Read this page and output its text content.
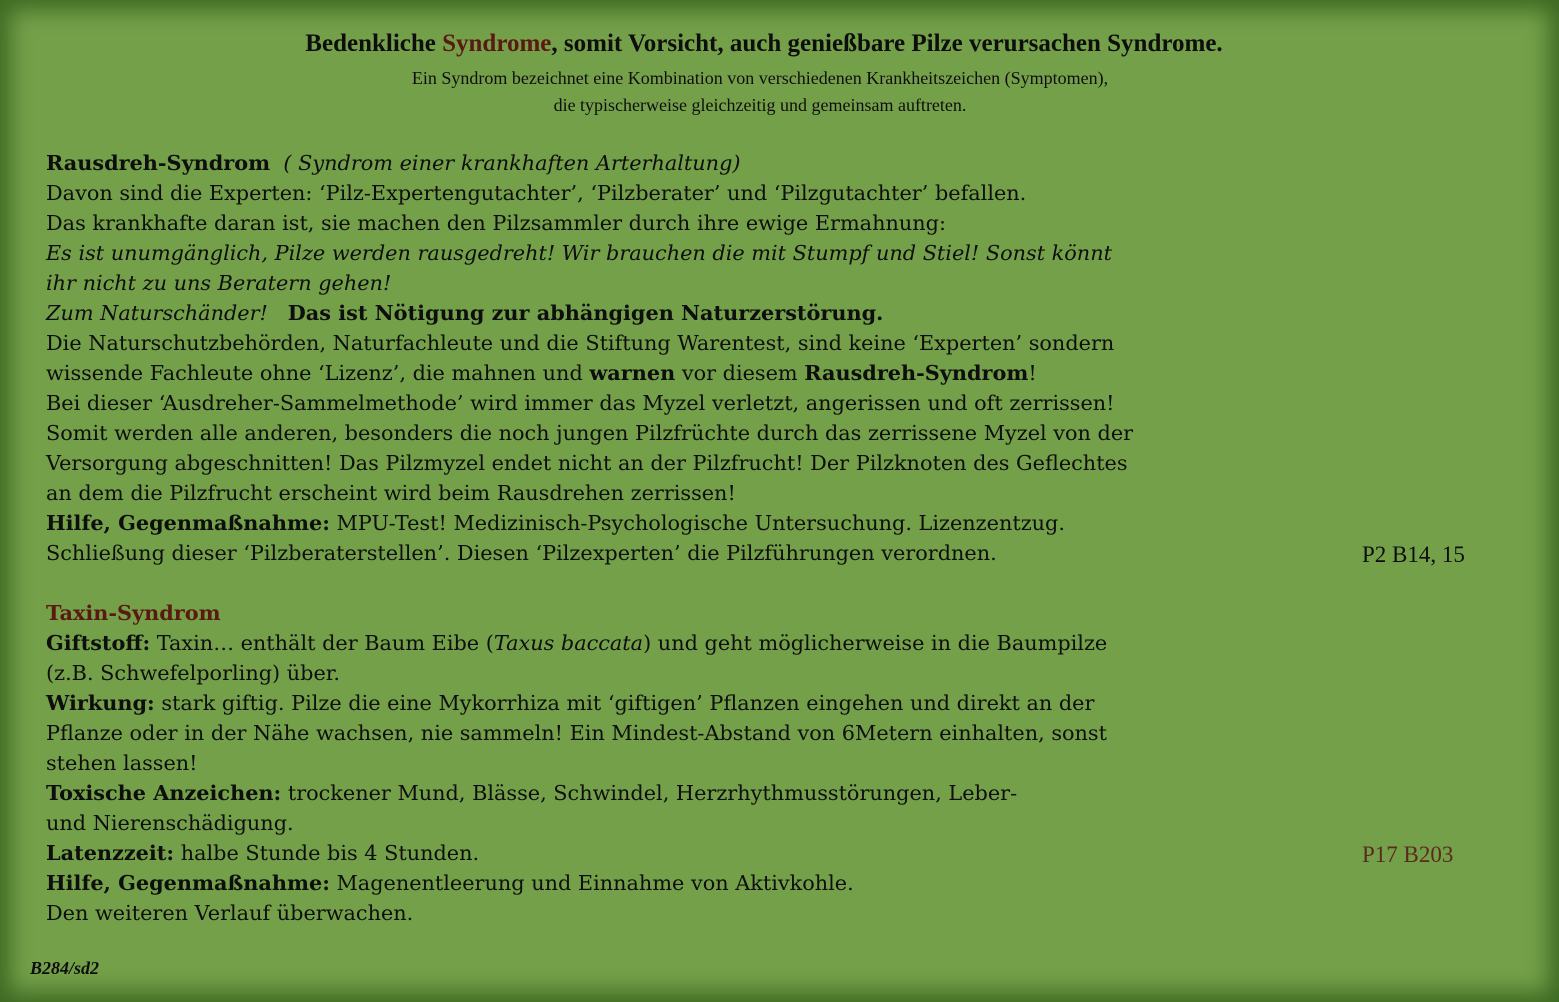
Bedenkliche Syndrome, somit Vorsicht, auch genießbare Pilze verursachen Syndrome.
Ein Syndrom bezeichnet eine Kombination von verschiedenen Krankheitszeichen (Symptomen),
die typischerweise gleichzeitig und gemeinsam auftreten.
Rausdreh-Syndrom ( Syndrom einer krankhaften Arterhaltung)
Davon sind die Experten: ‘Pilz-Expertengutachter’, ‘Pilzberater’ und ‘Pilzgutachter’ befallen.
Das krankhafte daran ist, sie machen den Pilzsammler durch ihre ewige Ermahnung:
Es ist unumgänglich, Pilze werden rausgedreht! Wir brauchen die mit Stumpf und Stiel! Sonst könnt
ihr nicht zu uns Beratern gehen!
Zum Naturschänder! Das ist Nötigung zur abhängigen Naturzerstörung.
Die Naturschutzbehörden, Naturfachleute und die Stiftung Warentest, sind keine ‘Experten’ sondern
wissende Fachleute ohne ‘Lizenz’, die mahnen und warnen vor diesem Rausdreh-Syndrom!
Bei dieser ‘Ausdreher-Sammelmethode’ wird immer das Myzel verletzt, angerissen und oft zerrissen!
Somit werden alle anderen, besonders die noch jungen Pilzfrüchte durch das zerrissene Myzel von der
Versorgung abgeschnitten! Das Pilzmyzel endet nicht an der Pilzfrucht! Der Pilzknoten des Geflechtes
an dem die Pilzfrucht erscheint wird beim Rausdrehen zerrissen!
Hilfe, Gegenmaßnahme: MPU-Test! Medizinisch-Psychologische Untersuchung. Lizenzentzug.
Schließung dieser ‘Pilzberaterstellen’. Diesen ‘Pilzexperten’ die Pilzführungen verordnen.	P2 B14, 15
Taxin-Syndrom
Giftstoff: Taxin… enthält der Baum Eibe (Taxus baccata) und geht möglicherweise in die Baumpilze
(z.B. Schwefelporling) über.
Wirkung: stark giftig. Pilze die eine Mykorrhiza mit ‘giftigen’ Pflanzen eingehen und direkt an der
Pflanze oder in der Nähe wachsen, nie sammeln! Ein Mindest-Abstand von 6Metern einhalten, sonst
stehen lassen!
Toxische Anzeichen: trockener Mund, Blässe, Schwindel, Herzrhythmusstörungen, Leber-
und Nierenschädigung.
Latenzzeit: halbe Stunde bis 4 Stunden.
Hilfe, Gegenmaßnahme: Magenentleerung und Einnahme von Aktivkohle.
Den weiteren Verlauf überwachen.
P17 B203
B284/sd2
